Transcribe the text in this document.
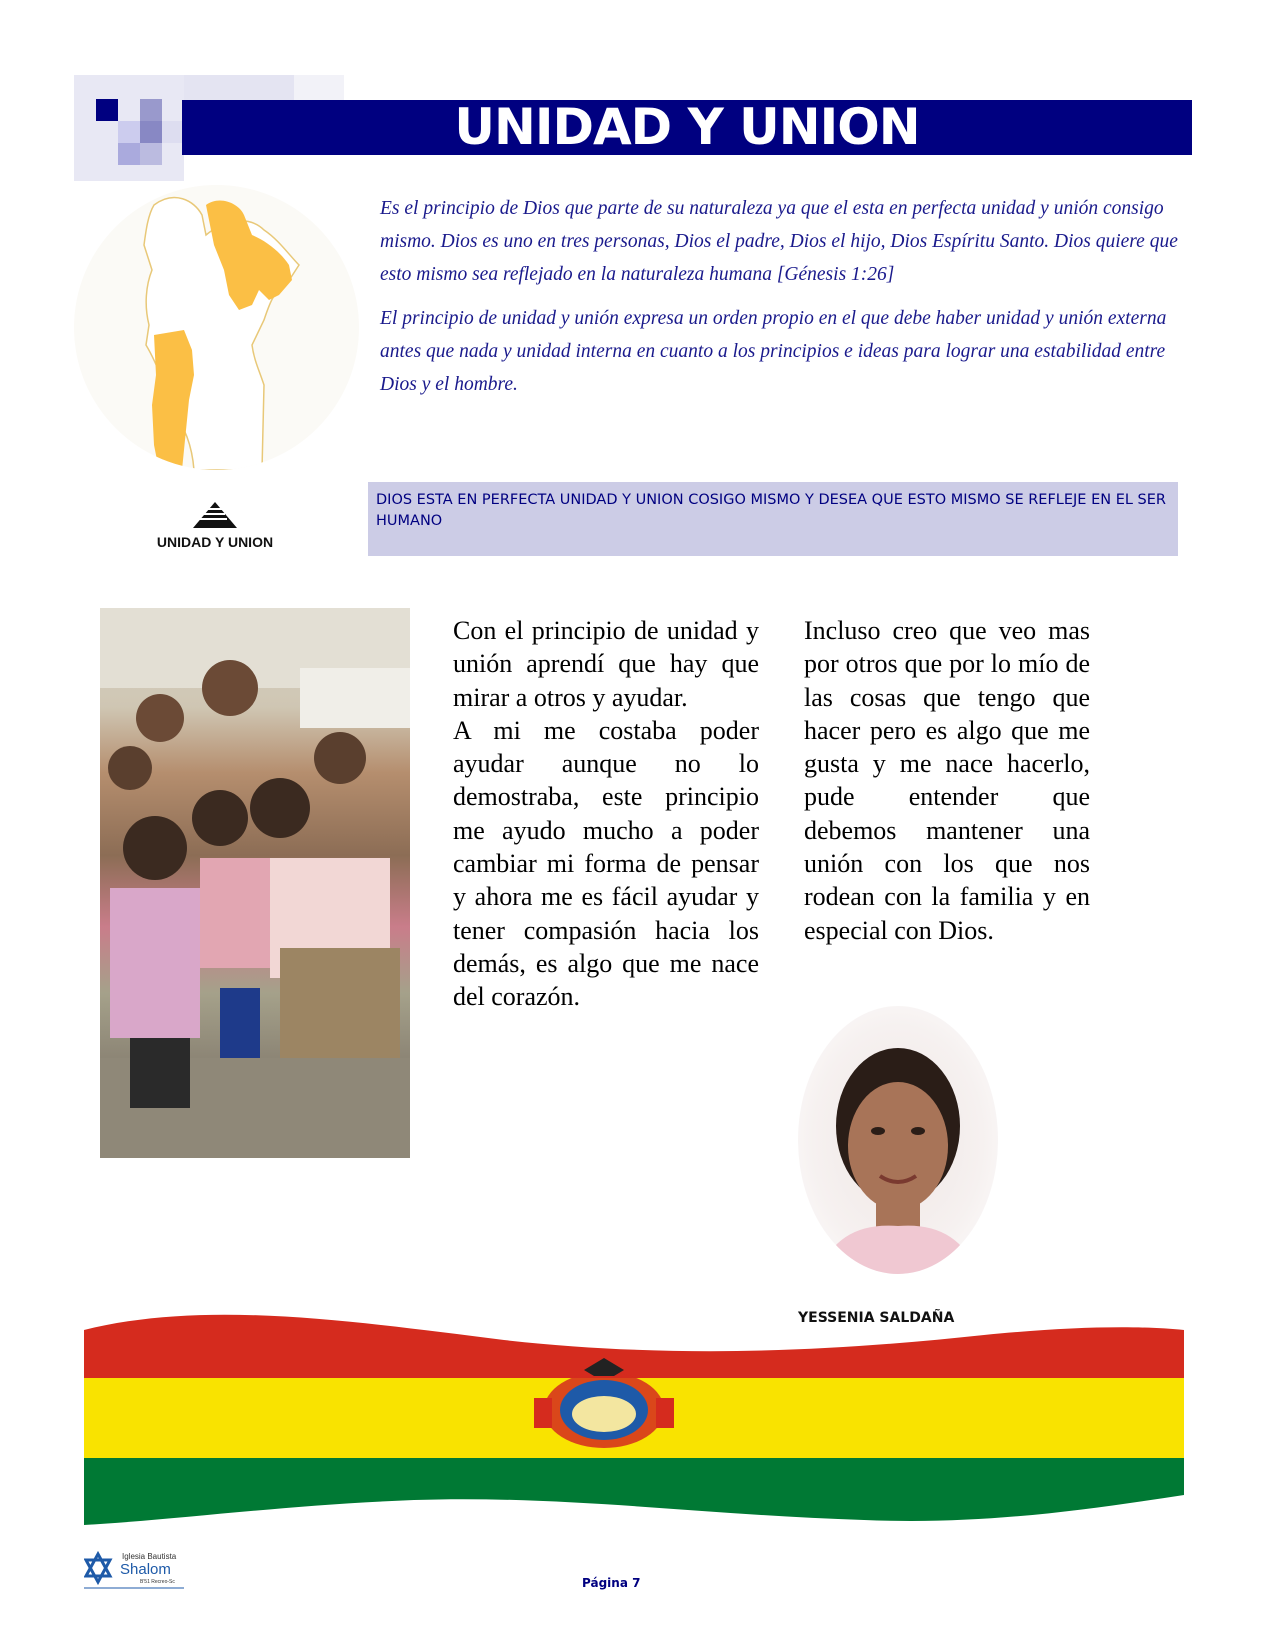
UNIDAD Y UNION

Es el principio de Dios que parte de su naturaleza ya que el esta en perfecta unidad y unión consigo mismo. Dios es uno en tres personas, Dios el padre, Dios el hijo, Dios Espíritu Santo. Dios quiere que esto mismo sea reflejado en la naturaleza humana [Génesis 1:26]

El principio de unidad y unión expresa un orden propio en el que debe haber unidad y unión externa antes que nada y unidad interna en cuanto a los principios e ideas para lograr una estabilidad entre Dios y el hombre.

UNIDAD Y UNION
DIOS ESTA EN PERFECTA UNIDAD Y UNION COSIGO MISMO Y DESEA QUE ESTO MISMO SE REFLEJE EN EL SER HUMANO
Con el principio de unidad y unión aprendí que hay que mirar a otros y ayudar.
A mi me costaba poder ayudar aunque no lo demostraba, este principio me ayudo mucho a poder cambiar mi forma de pensar y ahora me es fácil ayudar y tener compasión hacia los demás, es algo que me nace del corazón.
Incluso creo que veo mas por otros que por lo mío de las cosas que tengo que hacer pero es algo que me gusta y me nace hacerlo, pude entender que debemos mantener una unión con los que nos rodean con la familia y en especial con Dios.
YESSENIA SALDAÑA
Iglesia Bautista
Shalom
B'51 Recreo-Sc	Página 7
